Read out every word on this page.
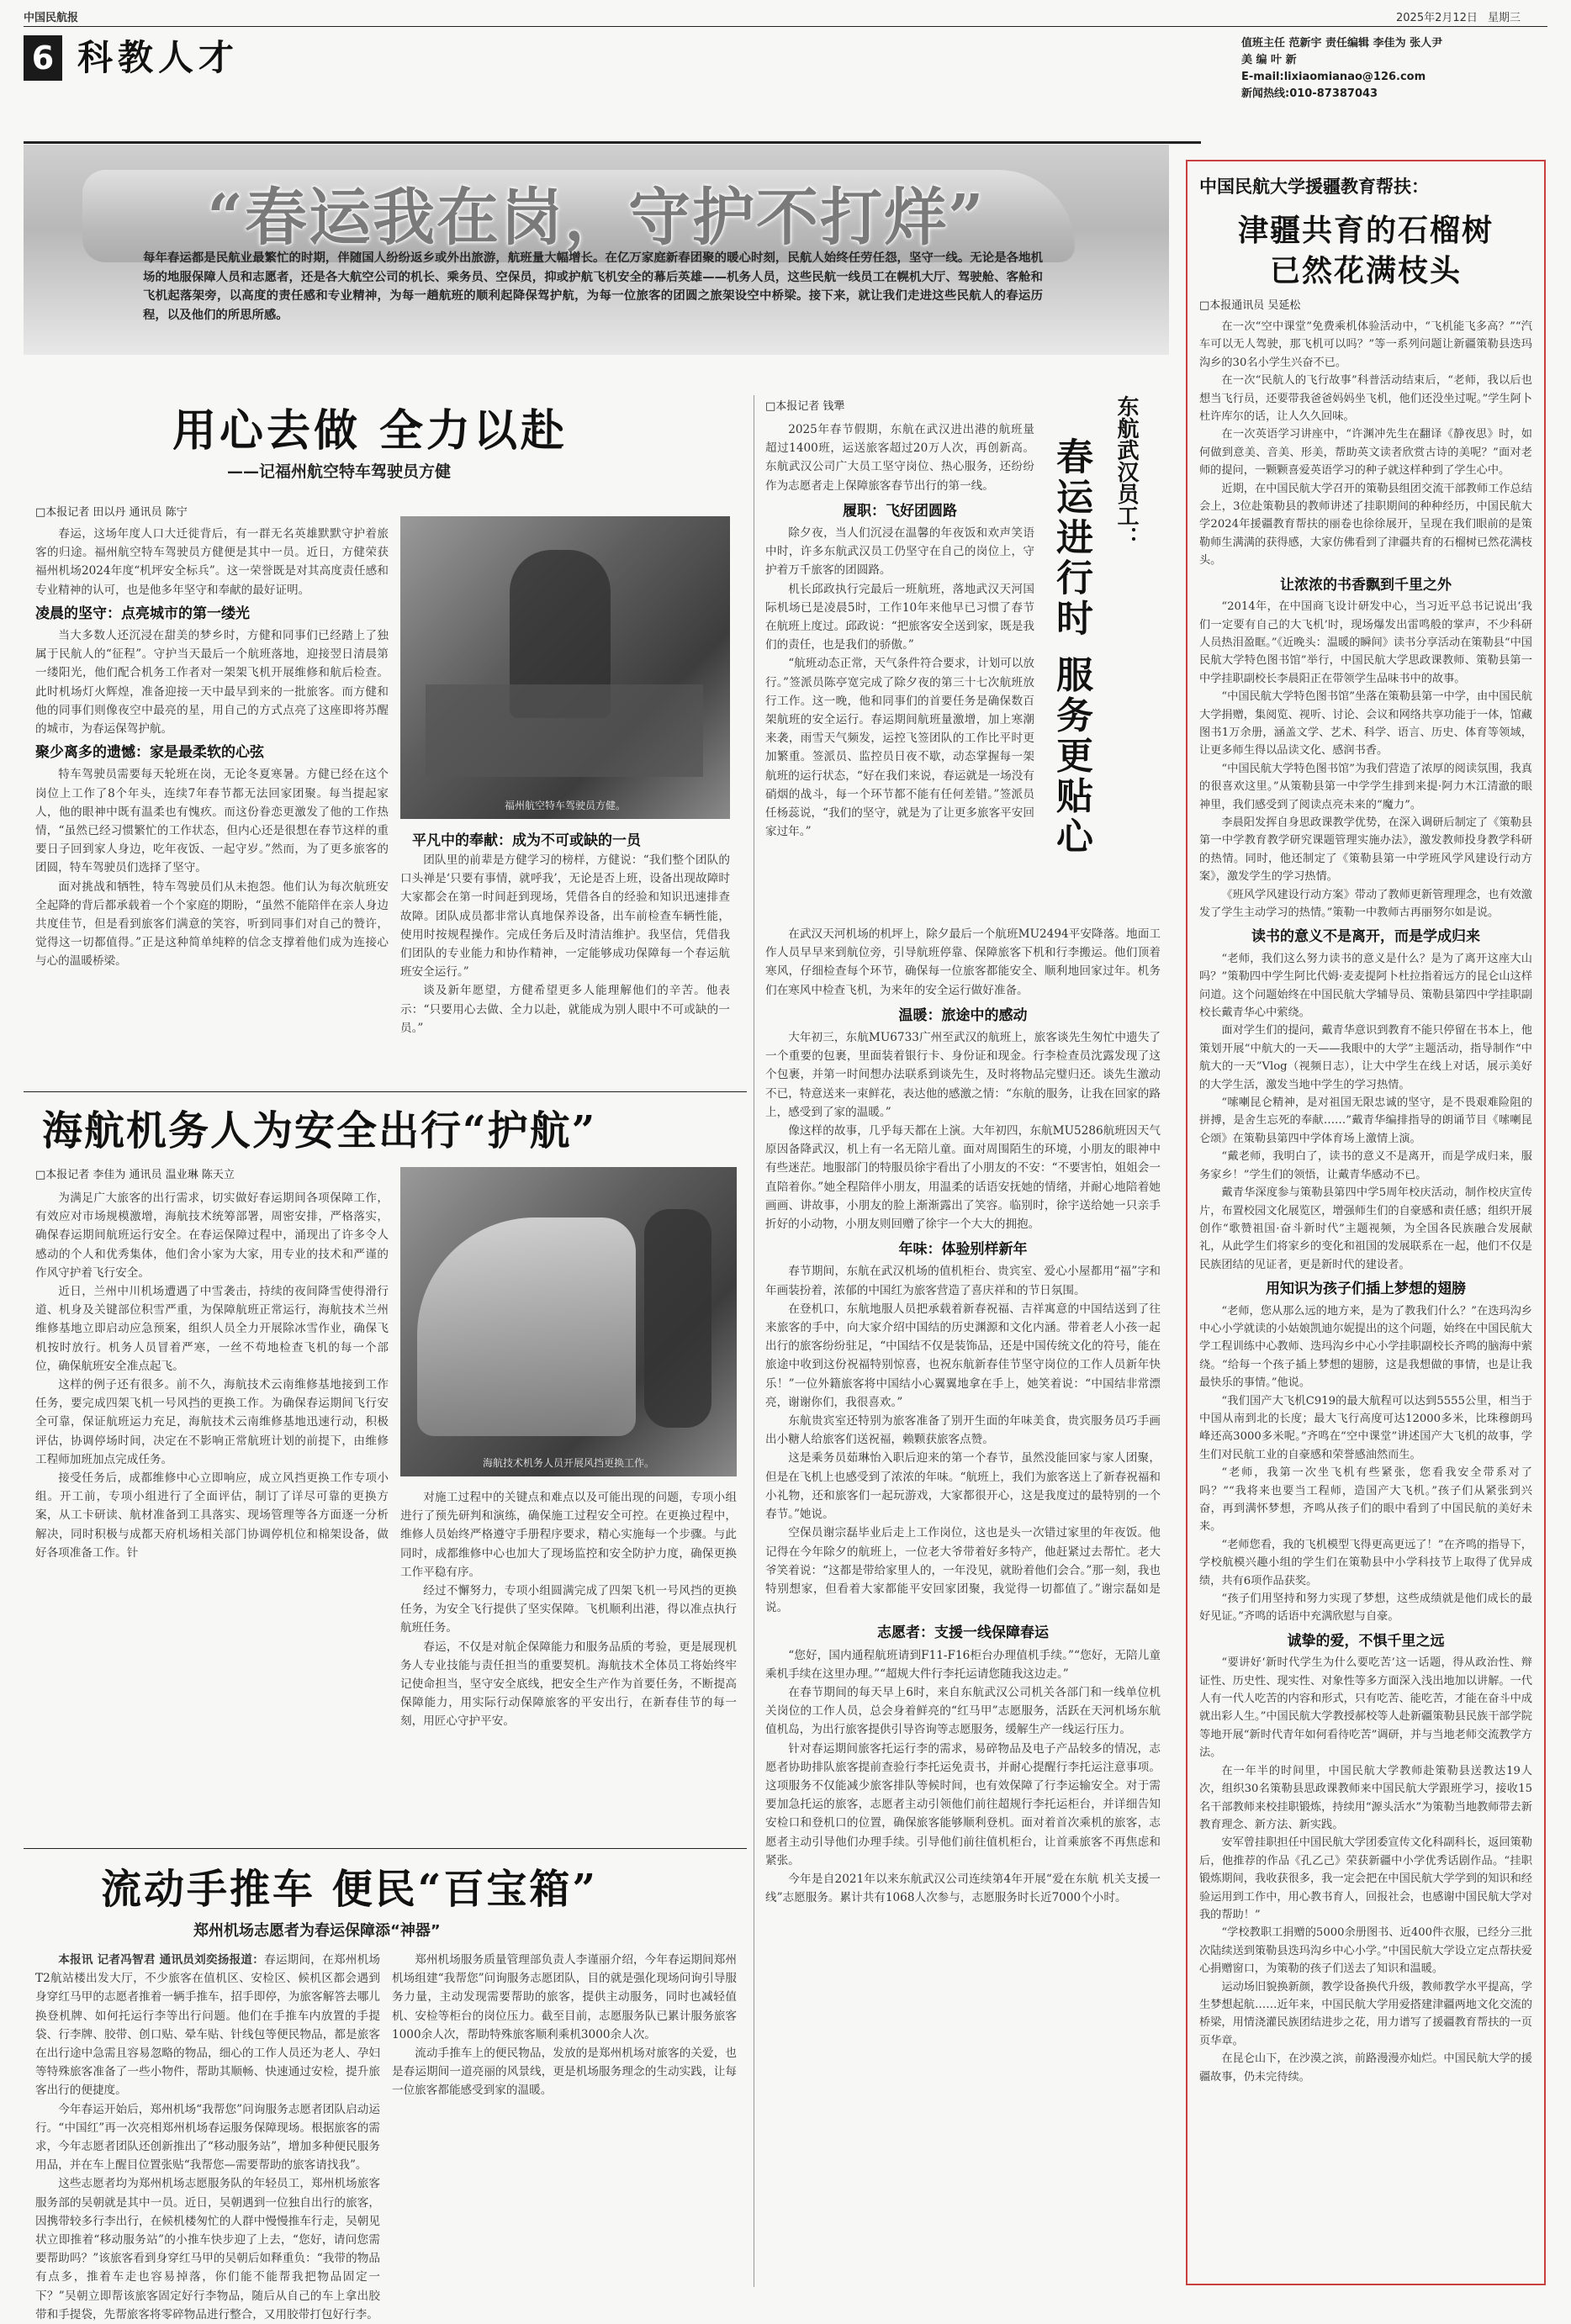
中国民航报	2025年2月12日 星期三
6 科教人才	值班主任 范新宇 责任编辑 李佳为 张人尹
美 编 叶 新
E-mail:lixiaomianao@126.com
新闻热线:010-87387043
“春运我在岗，守护不打烊”
每年春运都是民航业最繁忙的时期，伴随国人纷纷返乡或外出旅游，航班量大幅增长。在亿万家庭新春团聚的暖心时刻，民航人始终任劳任怨，坚守一线。无论是各地机场的地服保障人员和志愿者，还是各大航空公司的机长、乘务员、空保员，抑或护航飞机安全的幕后英雄——机务人员，这些民航一线员工在幌机大厅、驾驶舱、客舱和飞机起落架旁，以高度的责任感和专业精神，为每一趟航班的顺利起降保驾护航，为每一位旅客的团圆之旅架设空中桥梁。接下来，就让我们走进这些民航人的春运历程，以及他们的所思所感。
用心去做 全力以赴
——记福州航空特车驾驶员方健
□本报记者 田以丹 通讯员 陈宁

春运，这场年度人口大迁徙背后，有一群无名英雄默默守护着旅客的归途。福州航空特车驾驶员方健便是其中一员。近日，方健荣获福州机场2024年度“机坪安全标兵”。这一荣誉既是对其高度责任感和专业精神的认可，也是他多年坚守和奉献的最好证明。

凌晨的坚守：点亮城市的第一缕光

当大多数人还沉浸在甜美的梦乡时，方健和同事们已经踏上了独属于民航人的“征程”。守护当天最后一个航班落地，迎接翌日清晨第一缕阳光，他们配合机务工作者对一架架飞机开展维修和航后检查。此时机场灯火辉煌，准备迎接一天中最早到来的一批旅客。而方健和他的同事们则像夜空中最亮的星，用自己的方式点亮了这座即将苏醒的城市，为春运保驾护航。

聚少离多的遗憾：家是最柔软的心弦

特车驾驶员需要每天轮班在岗，无论冬夏寒暑。方健已经在这个岗位上工作了8个年头，连续7年春节都无法回家团聚。每当提起家人，他的眼神中既有温柔也有愧疚。而这份眷恋更激发了他的工作热情，“虽然已经习惯繁忙的工作状态，但内心还是很想在春节这样的重要日子回到家人身边，吃年夜饭、一起守岁。”然而，为了更多旅客的团圆，特车驾驶员们选择了坚守。

面对挑战和牺牲，特车驾驶员们从未抱怨。他们认为每次航班安全起降的背后都承载着一个个家庭的期盼，“虽然不能陪伴在亲人身边共度佳节，但是看到旅客们满意的笑容，听到同事们对自己的赞许，觉得这一切都值得。”正是这种简单纯粹的信念支撑着他们成为连接心与心的温暖桥梁。

福州航空特车驾驶员方健。
平凡中的奉献：成为不可或缺的一员

团队里的前辈是方健学习的榜样，方健说：“我们整个团队的口头禅是‘只要有事情，就呼我’，无论是否上班，设备出现故障时大家都会在第一时间赶到现场，凭借各自的经验和知识迅速排查故障。团队成员都非常认真地保养设备，出车前检查车辆性能，使用时按规程操作。完成任务后及时清洁维护。我坚信，凭借我们团队的专业能力和协作精神，一定能够成功保障每一个春运航班安全运行。”

谈及新年愿望，方健希望更多人能理解他们的辛苦。他表示：“只要用心去做、全力以赴，就能成为别人眼中不可或缺的一员。”

海航机务人为安全出行“护航”
□本报记者 李佳为 通讯员 温业琳 陈天立

为满足广大旅客的出行需求，切实做好春运期间各项保障工作，有效应对市场规模激增，海航技术统筹部署，周密安排，严格落实，确保春运期间航班运行安全。在春运保障过程中，涌现出了许多令人感动的个人和优秀集体，他们舍小家为大家，用专业的技术和严谨的作风守护着飞行安全。

近日，兰州中川机场遭遇了中雪袭击，持续的夜间降雪使得滑行道、机身及关键部位积雪严重，为保障航班正常运行，海航技术兰州维修基地立即启动应急预案，组织人员全力开展除冰雪作业，确保飞机按时放行。机务人员冒着严寒，一丝不苟地检查飞机的每一个部位，确保航班安全准点起飞。

这样的例子还有很多。前不久，海航技术云南维修基地接到工作任务，要完成四架飞机一号风挡的更换工作。为确保春运期间飞行安全可靠，保证航班运力充足，海航技术云南维修基地迅速行动，积极评估，协调停场时间，决定在不影响正常航班计划的前提下，由维修工程师加班加点完成任务。

接受任务后，成都维修中心立即响应，成立风挡更换工作专项小组。开工前，专项小组进行了全面评估，制订了详尽可靠的更换方案，从工卡研读、航材准备到工具落实、现场管理等各方面逐一分析解决，同时积极与成都天府机场相关部门协调停机位和棉架设备，做好各项准备工作。针

海航技术机务人员开展风挡更换工作。

对施工过程中的关键点和难点以及可能出现的问题，专项小组进行了预先研判和演练，确保施工过程安全可控。在更换过程中，维修人员始终严格遵守手册程序要求，精心实施每一个步骤。与此同时，成都维修中心也加大了现场监控和安全防护力度，确保更换工作平稳有序。

经过不懈努力，专项小组圆满完成了四架飞机一号风挡的更换任务，为安全飞行提供了坚实保障。飞机顺利出港，得以准点执行航班任务。

春运，不仅是对航企保障能力和服务品质的考验，更是展现机务人专业技能与责任担当的重要契机。海航技术全体员工将始终牢记使命担当，坚守安全底线，把安全生产作为首要任务，不断提高保障能力，用实际行动保障旅客的平安出行，在新春佳节的每一刻，用匠心守护平安。

流动手推车 便民“百宝箱”
郑州机场志愿者为春运保障添“神器”

本报讯 记者冯智君 通讯员刘奕扬报道：春运期间，在郑州机场T2航站楼出发大厅，不少旅客在值机区、安检区、候机区都会遇到身穿红马甲的志愿者推着一辆手推车，招手即停，为旅客解答去哪儿换登机牌、如何托运行李等出行问题。他们在手推车内放置的手提袋、行李牌、胶带、创口贴、晕车贴、针线包等便民物品，都是旅客在出行途中急需且容易忽略的物品，细心的工作人员还为老人、孕妇等特殊旅客准备了一些小物件，帮助其顺畅、快速通过安检，提升旅客出行的便捷度。

今年春运开始后，郑州机场“我帮您”问询服务志愿者团队启动运行。“中国红”再一次亮相郑州机场春运服务保障现场。根据旅客的需求，今年志愿者团队还创新推出了“移动服务站”，增加多种便民服务用品，并在车上醒目位置张贴“我帮您—需要帮助的旅客请找我”。

这些志愿者均为郑州机场志愿服务队的年轻员工，郑州机场旅客服务部的吴朝就是其中一员。近日，吴朝遇到一位独自出行的旅客，因携带较多行李出行，在候机楼匆忙的人群中慢慢推车行走，吴朝见状立即推着“移动服务站”的小推车快步迎了上去，“您好，请问您需要帮助吗？”该旅客看到身穿红马甲的吴朝后如释重负：“我带的物品有点多，推着车走也容易掉落，你们能不能帮我把物品固定一下？”吴朝立即帮该旅客固定好行李物品，随后从自己的车上拿出胶带和手提袋，先帮旅客将零碎物品进行整合，又用胶带打包好行李。

郑州机场服务质量管理部负责人李谨丽介绍，今年春运期间郑州机场组建“我帮您”问询服务志愿团队，目的就是强化现场问询引导服务力量，主动发现需要帮助的旅客，提供主动服务，同时也减轻值机、安检等柜台的岗位压力。截至目前，志愿服务队已累计服务旅客1000余人次，帮助特殊旅客顺利乘机3000余人次。

流动手推车上的便民物品，发放的是郑州机场对旅客的关爱，也是春运期间一道亮丽的风景线，更是机场服务理念的生动实践，让每一位旅客都能感受到家的温暖。

□本报记者 钱犟	东航武汉员工：
春运进行时 服务更贴心

2025年春节假期，东航在武汉进出港的航班量超过1400班，运送旅客超过20万人次，再创新高。东航武汉公司广大员工坚守岗位、热心服务，还纷纷作为志愿者走上保障旅客春节出行的第一线。

履职：飞好团圆路

除夕夜，当人们沉浸在温馨的年夜饭和欢声笑语中时，许多东航武汉员工仍坚守在自己的岗位上，守护着万千旅客的团圆路。

机长邱政执行完最后一班航班，落地武汉天河国际机场已是凌晨5时，工作10年来他早已习惯了春节在航班上度过。邱政说：“把旅客安全送到家，既是我们的责任，也是我们的骄傲。”

“航班动态正常，天气条件符合要求，计划可以放行。”签派员陈亭宽完成了除夕夜的第三十七次航班放行工作。这一晚，他和同事们的首要任务是确保数百架航班的安全运行。春运期间航班量激增，加上寒潮来袭，雨雪天气频发，运控飞签团队的工作比平时更加繁重。签派员、监控员日夜不歇，动态掌握每一架航班的运行状态，“好在我们来说，春运就是一场没有硝烟的战斗，每一个环节都不能有任何差错。”签派员任杨蕊说，“我们的坚守，就是为了让更多旅客平安回家过年。”

在武汉天河机场的机坪上，除夕最后一个航班MU2494平安降落。地面工作人员早早来到航位旁，引导航班停靠、保障旅客下机和行李搬运。他们顶着寒风，仔细检查每个环节，确保每一位旅客都能安全、顺利地回家过年。机务们在寒风中检查飞机，为来年的安全运行做好准备。

温暖：旅途中的感动

大年初三，东航MU6733广州至武汉的航班上，旅客谈先生匆忙中遗失了一个重要的包裹，里面装着银行卡、身份证和现金。行李检查员沈露发现了这个包裹，并第一时间想办法联系到谈先生，及时将物品完璧归还。谈先生激动不已，特意送来一束鲜花，表达他的感激之情：“东航的服务，让我在回家的路上，感受到了家的温暖。”

像这样的故事，几乎每天都在上演。大年初四，东航MU5286航班因天气原因备降武汉，机上有一名无陪儿童。面对周围陌生的环境，小朋友的眼神中有些迷茫。地服部门的特服员徐宇看出了小朋友的不安：“不要害怕，姐姐会一直陪着你。”她全程陪伴小朋友，用温柔的话语安抚她的情绪，并耐心地陪着她画画、讲故事，小朋友的脸上渐渐露出了笑容。临别时，徐宇送给她一只亲手折好的小动物，小朋友则回赠了徐宇一个大大的拥抱。

年味：体验别样新年

春节期间，东航在武汉机场的值机柜台、贵宾室、爱心小屋都用“福”字和年画装扮着，浓郁的中国红为旅客营造了喜庆祥和的节日氛围。

在登机口，东航地服人员把承载着新春祝福、吉祥寓意的中国结送到了往来旅客的手中，向大家介绍中国结的历史渊源和文化内涵。带着老人小孩一起出行的旅客纷纷驻足，“中国结不仅是装饰品，还是中国传统文化的符号，能在旅途中收到这份祝福特别惊喜，也祝东航新春佳节坚守岗位的工作人员新年快乐！”一位外籍旅客将中国结小心翼翼地拿在手上，她笑着说：“中国结非常漂亮，谢谢你们，我很喜欢。”

东航贵宾室还特别为旅客准备了别开生面的年味美食，贵宾服务员巧手画出小糖人给旅客们送祝福，赖颗获旅客点赞。

这是乘务员茹琳怡入职后迎来的第一个春节，虽然没能回家与家人团聚，但是在飞机上也感受到了浓浓的年味。“航班上，我们为旅客送上了新春祝福和小礼物，还和旅客们一起玩游戏，大家都很开心，这是我度过的最特别的一个春节。”她说。

空保员谢宗磊毕业后走上工作岗位，这也是头一次错过家里的年夜饭。他记得在今年除夕的航班上，一位老大爷带着好多特产，他赶紧过去帮忙。老大爷笑着说：“这都是带给家里人的，一年没见，就盼着他们会合。”那一刻，我也特别想家，但看着大家都能平安回家团聚，我觉得一切都值了。”谢宗磊如是说。

志愿者：支援一线保障春运

“您好，国内通程航班请到F11-F16柜台办理值机手续。”“您好，无陪儿童乘机手续在这里办理。”“超规大件行李托运请您随我这边走。”

在春节期间的每天早上6时，来自东航武汉公司机关各部门和一线单位机关岗位的工作人员，总会身着鲜亮的“红马甲”志愿服务，活跃在天河机场东航值机岛，为出行旅客提供引导咨询等志愿服务，缓解生产一线运行压力。

针对春运期间旅客托运行李的需求，易碎物品及电子产品较多的情况，志愿者协助排队旅客提前查验行李托运免责书，并耐心提醒行李托运注意事项。这项服务不仅能减少旅客排队等候时间，也有效保障了行李运输安全。对于需要加急托运的旅客，志愿者主动引领他们前往超规行李托运柜台，并详细告知安检口和登机口的位置，确保旅客能够顺利登机。面对着首次乘机的旅客，志愿者主动引导他们办理手续。引导他们前往值机柜台，让首乘旅客不再焦虑和紧张。

今年是自2021年以来东航武汉公司连续第4年开展“爱在东航 机关支援一线”志愿服务。累计共有1068人次参与，志愿服务时长近7000个小时。

中国民航大学援疆教育帮扶：
津疆共育的石榴树
已然花满枝头
□本报通讯员 吴延松

在一次“空中课堂”免费乘机体验活动中，“飞机能飞多高？”“汽车可以无人驾驶，那飞机可以吗？”等一系列问题让新疆策勒县迭玛沟乡的30名小学生兴奋不已。

在一次“民航人的飞行故事”科普活动结束后，“老师，我以后也想当飞行员，还要带我爸爸妈妈坐飞机，他们还没坐过呢。”学生阿卜杜许库尔的话，让人久久回味。

在一次英语学习讲座中，“许渊冲先生在翻译《静夜思》时，如何做到意美、音美、形美，帮助英文读者欣赏古诗的美呢？”面对老师的提问，一颗颗喜爱英语学习的种子就这样种到了学生心中。

近期，在中国民航大学召开的策勒县组团交流干部教师工作总结会上，3位赴策勒县的教师讲述了挂职期间的种种经历，中国民航大学2024年援疆教育帮扶的丽卷也徐徐展开，呈现在我们眼前的是策勒师生满满的获得感，大家仿佛看到了津疆共育的石榴树已然花满枝头。

让浓浓的书香飘到千里之外

“2014年，在中国商飞设计研发中心，当习近平总书记说出‘我们一定要有自己的大飞机’时，现场爆发出雷鸣般的掌声，不少科研人员热泪盈眶。”《近晚头：温暖的瞬间》读书分享活动在策勒县“中国民航大学特色图书馆”举行，中国民航大学思政课教师、策勒县第一中学挂职副校长李晨阳正在带领学生品味书中的故事。

“中国民航大学特色图书馆”坐落在策勒县第一中学，由中国民航大学捐赠，集阅览、视听、讨论、会议和网络共享功能于一体，馆藏图书1万余册，涵盖文学、艺术、科学、语言、历史、体育等领域，让更多师生得以品读文化、感润书香。

“中国民航大学特色图书馆”为我们营造了浓厚的阅读氛围，我真的很喜欢这里。”从策勒县第一中学学生排到来提·阿力木江清澈的眼神里，我们感受到了阅读点亮未来的“魔力”。

李晨阳发挥自身思政课教学优势，在深入调研后制定了《策勒县第一中学教育教学研究课题管理实施办法》，激发教师投身教学科研的热情。同时，他还制定了《策勒县第一中学班风学风建设行动方案》，激发学生的学习热情。

《班风学风建设行动方案》带动了教师更新管理理念，也有效激发了学生主动学习的热情。”策勒一中教师古再丽努尔如是说。

读书的意义不是离开，而是学成归来

“老师，我们这么努力读书的意义是什么？是为了离开这座大山吗？”策勒四中学生阿比代姆·麦麦提阿卜杜拉指着远方的昆仑山这样问道。这个问题始终在中国民航大学辅导员、策勒县第四中学挂职副校长戴青华心中萦绕。

面对学生们的提问，戴青华意识到教育不能只停留在书本上，他策划开展“中航大的一天——我眼中的大学”主题活动，指导制作“中航大的一天”Vlog（视频日志），让大中学生在线上对话，展示美好的大学生活，激发当地中学生的学习热情。

“嗦喇昆仑精神，是对祖国无限忠诚的坚守，是不畏艰难险阻的拼搏，是舍生忘死的奉献……”戴青华编排指导的朗诵节目《嗦喇昆仑颂》在策勒县第四中学体育场上激情上演。

“戴老师，我明白了，读书的意义不是离开，而是学成归来，服务家乡！”学生们的领悟，让戴青华感动不已。

戴青华深度参与策勒县第四中学5周年校庆活动，制作校庆宣传片，布置校园文化展览区，增强师生们的自豪感和责任感；组织开展创作“歌赞祖国·奋斗新时代”主题视频，为全国各民族融合发展献礼，从此学生们将家乡的变化和祖国的发展联系在一起，他们不仅是民族团结的见证者，更是新时代的建设者。

用知识为孩子们插上梦想的翅膀

“老师，您从那么远的地方来，是为了教我们什么？”在迭玛沟乡中心小学就读的小姑娘凯迪尔妮提出的这个问题，始终在中国民航大学工程训练中心教师、迭玛沟乡中心小学挂职副校长齐鸣的脑海中萦绕。“给每一个孩子插上梦想的翅膀，这是我想做的事情，也是让我最快乐的事情。”他说。

“我们国产大飞机C919的最大航程可以达到5555公里，相当于中国从南到北的长度；最大飞行高度可达12000多米，比珠穆朗玛峰还高3000多米呢。”齐鸣在“空中课堂”讲述国产大飞机的故事，学生们对民航工业的自豪感和荣誉感油然而生。

“老师，我第一次坐飞机有些紧张，您看我安全带系对了吗？”“我将来也要当工程师，造国产大飞机。”孩子们从紧张到兴奋，再到满怀梦想，齐鸣从孩子们的眼中看到了中国民航的美好未来。

“老师您看，我的飞机模型飞得更高更远了！”在齐鸣的指导下，学校航模兴趣小组的学生们在策勒县中小学科技节上取得了优异成绩，共有6项作品获奖。

“孩子们用坚持和努力实现了梦想，这些成绩就是他们成长的最好见证。”齐鸣的话语中充满欣慰与自豪。

诚挚的爱，不惧千里之远

“要讲好‘新时代学生为什么要吃苦’这一话题，得从政治性、辩证性、历史性、现实性、对象性等多方面深入浅出地加以讲解。一代人有一代人吃苦的内容和形式，只有吃苦、能吃苦，才能在奋斗中成就出彩人生。”中国民航大学教授郝校等人赴新疆策勒县民族干部学院等地开展“新时代青年如何看待吃苦”调研，并与当地老师交流教学方法。

在一年半的时间里，中国民航大学教师赴策勒县送教达19人次，组织30名策勒县思政课教师来中国民航大学跟班学习，接收15名干部教师来校挂职锻炼，持续用“源头活水”为策勒当地教师带去新教育理念、新方法、新实践。

安军曾挂职担任中国民航大学团委宣传文化科副科长，返回策勒后，他推荐的作品《孔乙己》荣获新疆中小学优秀话剧作品。“挂职锻炼期间，我收获很多，我一定会把在中国民航大学学到的知识和经验运用到工作中，用心教书育人，回报社会，也感谢中国民航大学对我的帮助！”

“学校教职工捐赠的5000余册图书、近400件衣服，已经分三批次陆续送到策勒县迭玛沟乡中心小学。”中国民航大学设立定点帮扶爱心捐赠窗口，为策勒的孩子们送去了知识和温暖。

运动场旧貌换新颜，教学设备换代升级，教师教学水平提高，学生梦想起航……近年来，中国民航大学用爱搭建津疆两地文化交流的桥梁，用情浇灌民族团结进步之花，用力谱写了援疆教育帮扶的一页页华章。

在昆仑山下，在沙漠之滨，前路漫漫亦灿烂。中国民航大学的援疆故事，仍未完待续。
